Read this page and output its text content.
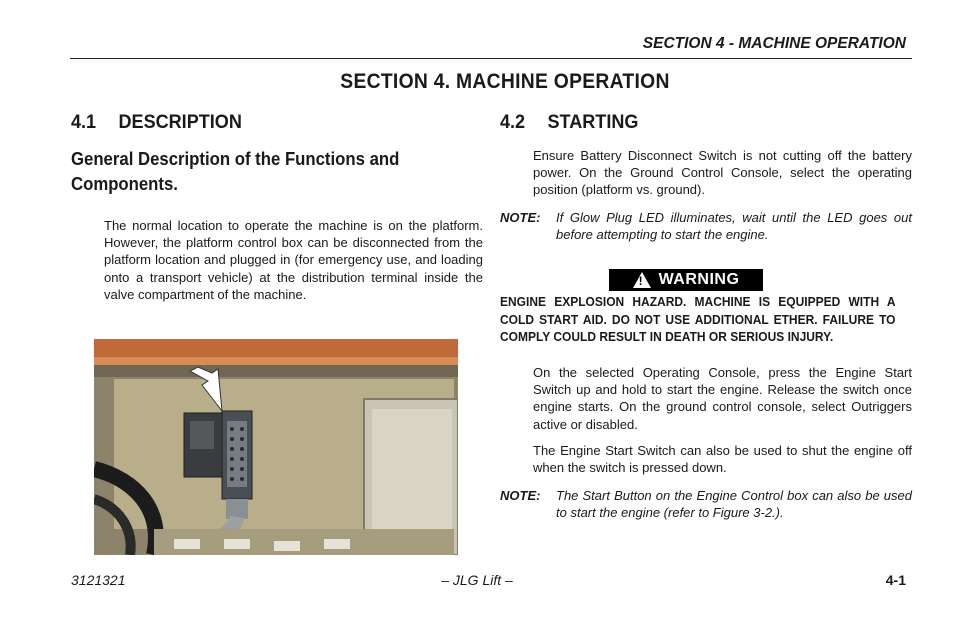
SECTION 4 - MACHINE OPERATION
SECTION 4. MACHINE OPERATION
4.1 DESCRIPTION
General Description of the Functions and Components.
The normal location to operate the machine is on the platform. However, the platform control box can be disconnected from the platform location and plugged in (for emergency use, and loading onto a transport vehicle) at the distribution terminal inside the valve compartment of the machine.
4.2 STARTING
Ensure Battery Disconnect Switch is not cutting off the battery power. On the Ground Control Console, select the operating position (platform vs. ground).
NOTE: If Glow Plug LED illuminates, wait until the LED goes out before attempting to start the engine.
! WARNING
ENGINE EXPLOSION HAZARD. MACHINE IS EQUIPPED WITH A COLD START AID. DO NOT USE ADDITIONAL ETHER. FAILURE TO COMPLY COULD RESULT IN DEATH OR SERIOUS INJURY.
On the selected Operating Console, press the Engine Start Switch up and hold to start the engine. Release the switch once engine starts. On the ground control console, select Outriggers active or disabled.
The Engine Start Switch can also be used to shut the engine off when the switch is pressed down.
NOTE: The Start Button on the Engine Control box can also be used to start the engine (refer to Figure 3-2.).
3121321	– JLG Lift –	4-1
